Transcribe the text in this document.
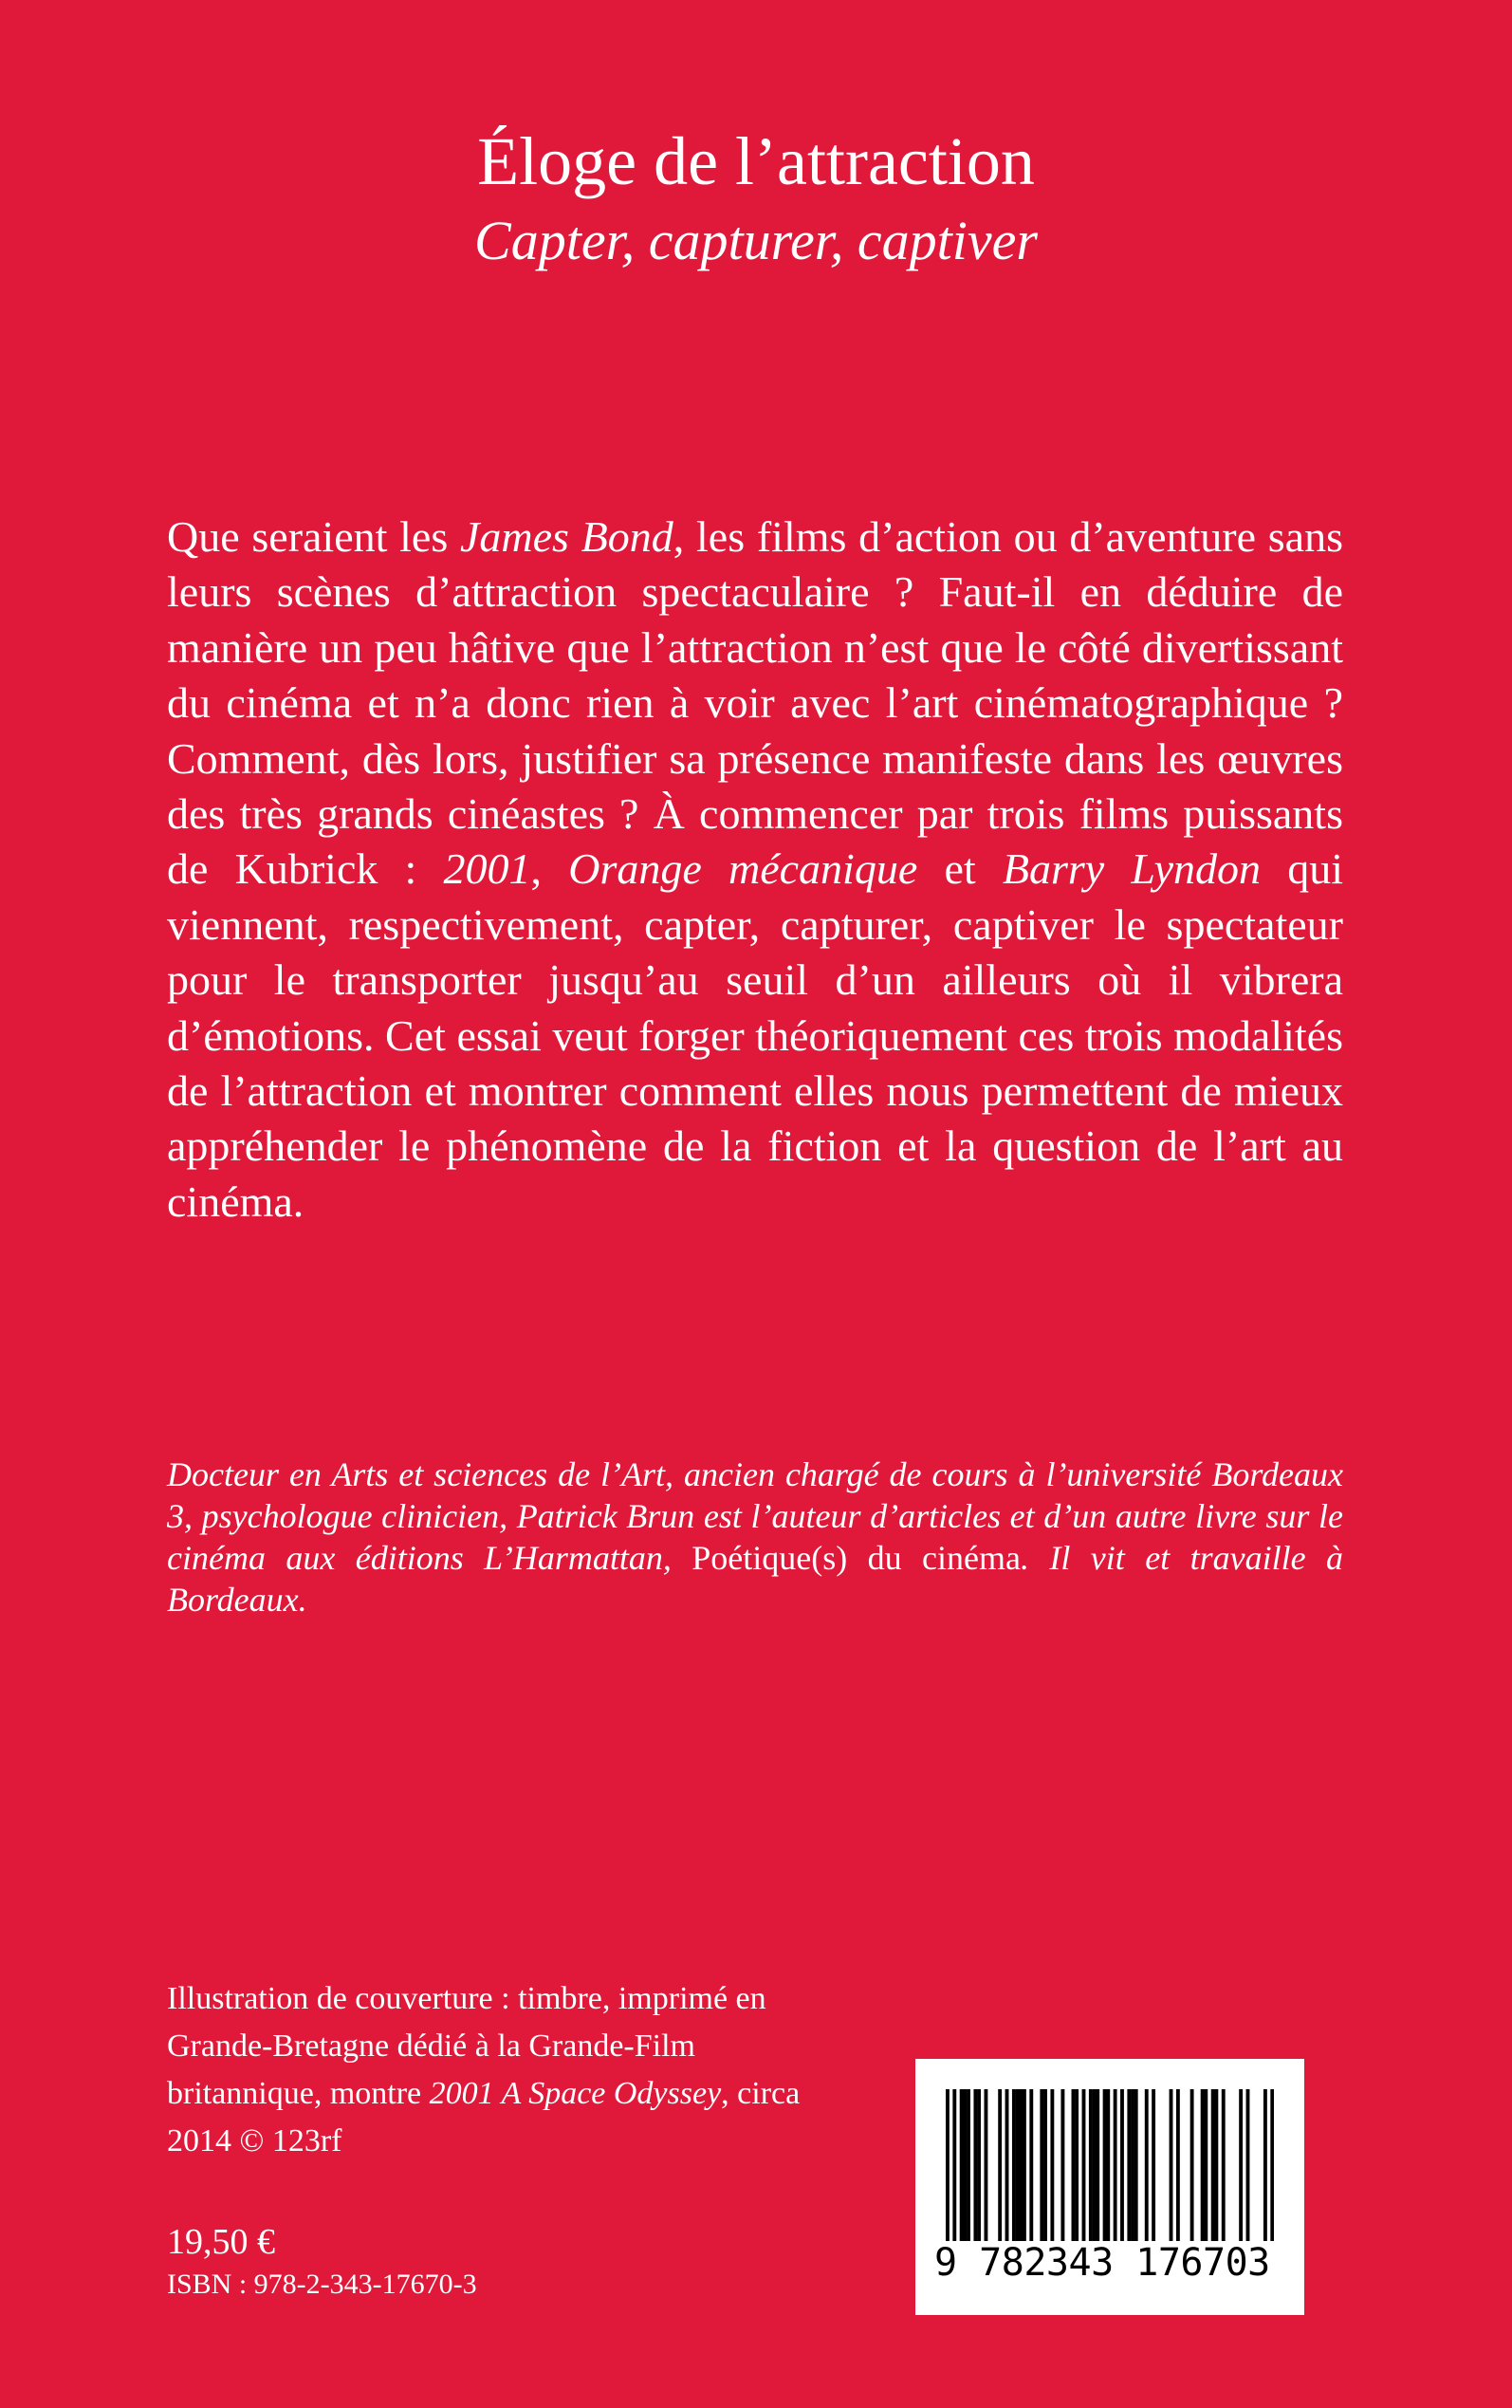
Éloge de l’attraction
Capter, capturer, captiver

Que seraient les James Bond, les films d’action ou d’aventure sans leurs scènes d’attraction spectaculaire ? Faut-il en déduire de manière un peu hâtive que l’attraction n’est que le côté divertissant du cinéma et n’a donc rien à voir avec l’art cinématographique ? Comment, dès lors, justifier sa présence manifeste dans les œuvres des très grands cinéastes ? À commencer par trois films puissants de Kubrick : 2001, Orange mécanique et Barry Lyndon qui viennent, respectivement, capter, capturer, captiver le spectateur pour le transporter jusqu’au seuil d’un ailleurs où il vibrera d’émotions. Cet essai veut forger théoriquement ces trois modalités de l’attraction et montrer comment elles nous permettent de mieux appréhender le phénomène de la fiction et la question de l’art au cinéma.

Docteur en Arts et sciences de l’Art, ancien chargé de cours à l’université Bordeaux 3, psychologue clinicien, Patrick Brun est l’auteur d’articles et d’un autre livre sur le cinéma aux éditions L’Harmattan, Poétique(s) du cinéma. Il vit et travaille à Bordeaux.

Illustration de couverture : timbre, imprimé en Grande-Bretagne dédié à la Grande-Film britannique, montre 2001 A Space Odyssey, circa 2014 © 123rf

19,50 €
ISBN : 978-2-343-17670-3	9 782343 176703
